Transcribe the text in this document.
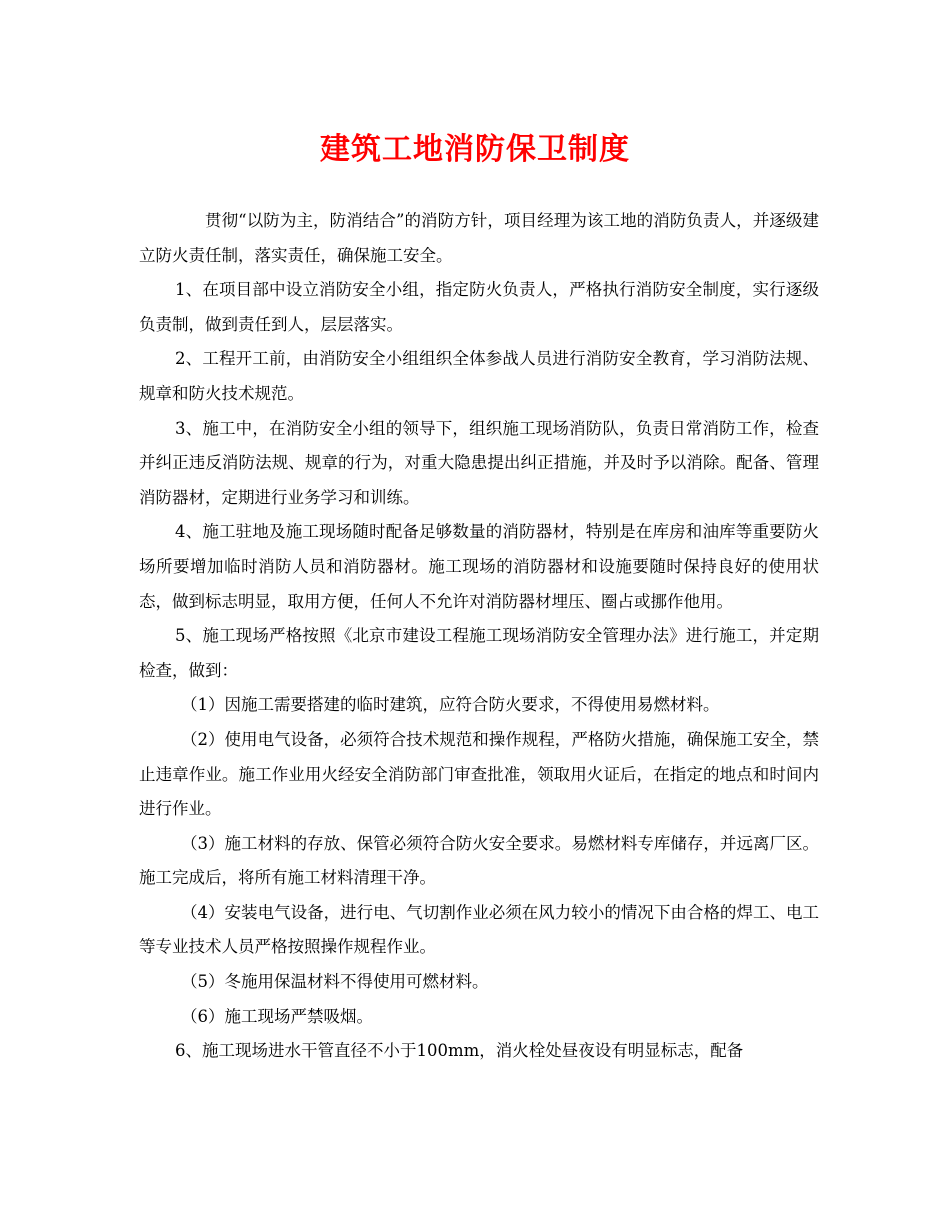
建筑工地消防保卫制度

贯彻“以防为主，防消结合”的消防方针，项目经理为该工地的消防负责人，并逐级建立防火责任制，落实责任，确保施工安全。

1、在项目部中设立消防安全小组，指定防火负责人，严格执行消防安全制度，实行逐级负责制，做到责任到人，层层落实。

2、工程开工前，由消防安全小组组织全体参战人员进行消防安全教育，学习消防法规、规章和防火技术规范。

3、施工中，在消防安全小组的领导下，组织施工现场消防队，负责日常消防工作，检查并纠正违反消防法规、规章的行为，对重大隐患提出纠正措施，并及时予以消除。配备、管理消防器材，定期进行业务学习和训练。

4、施工驻地及施工现场随时配备足够数量的消防器材，特别是在库房和油库等重要防火场所要增加临时消防人员和消防器材。施工现场的消防器材和设施要随时保持良好的使用状态，做到标志明显，取用方便，任何人不允许对消防器材埋压、圈占或挪作他用。

5、施工现场严格按照《北京市建设工程施工现场消防安全管理办法》进行施工，并定期检查，做到：

（1）因施工需要搭建的临时建筑，应符合防火要求，不得使用易燃材料。

（2）使用电气设备，必须符合技术规范和操作规程，严格防火措施，确保施工安全，禁止违章作业。施工作业用火经安全消防部门审查批准，领取用火证后，在指定的地点和时间内进行作业。

（3）施工材料的存放、保管必须符合防火安全要求。易燃材料专库储存，并远离厂区。施工完成后，将所有施工材料清理干净。

（4）安装电气设备，进行电、气切割作业必须在风力较小的情况下由合格的焊工、电工等专业技术人员严格按照操作规程作业。

（5）冬施用保温材料不得使用可燃材料。

（6）施工现场严禁吸烟。

6、施工现场进水干管直径不小于100mm，消火栓处昼夜设有明显标志，配备
